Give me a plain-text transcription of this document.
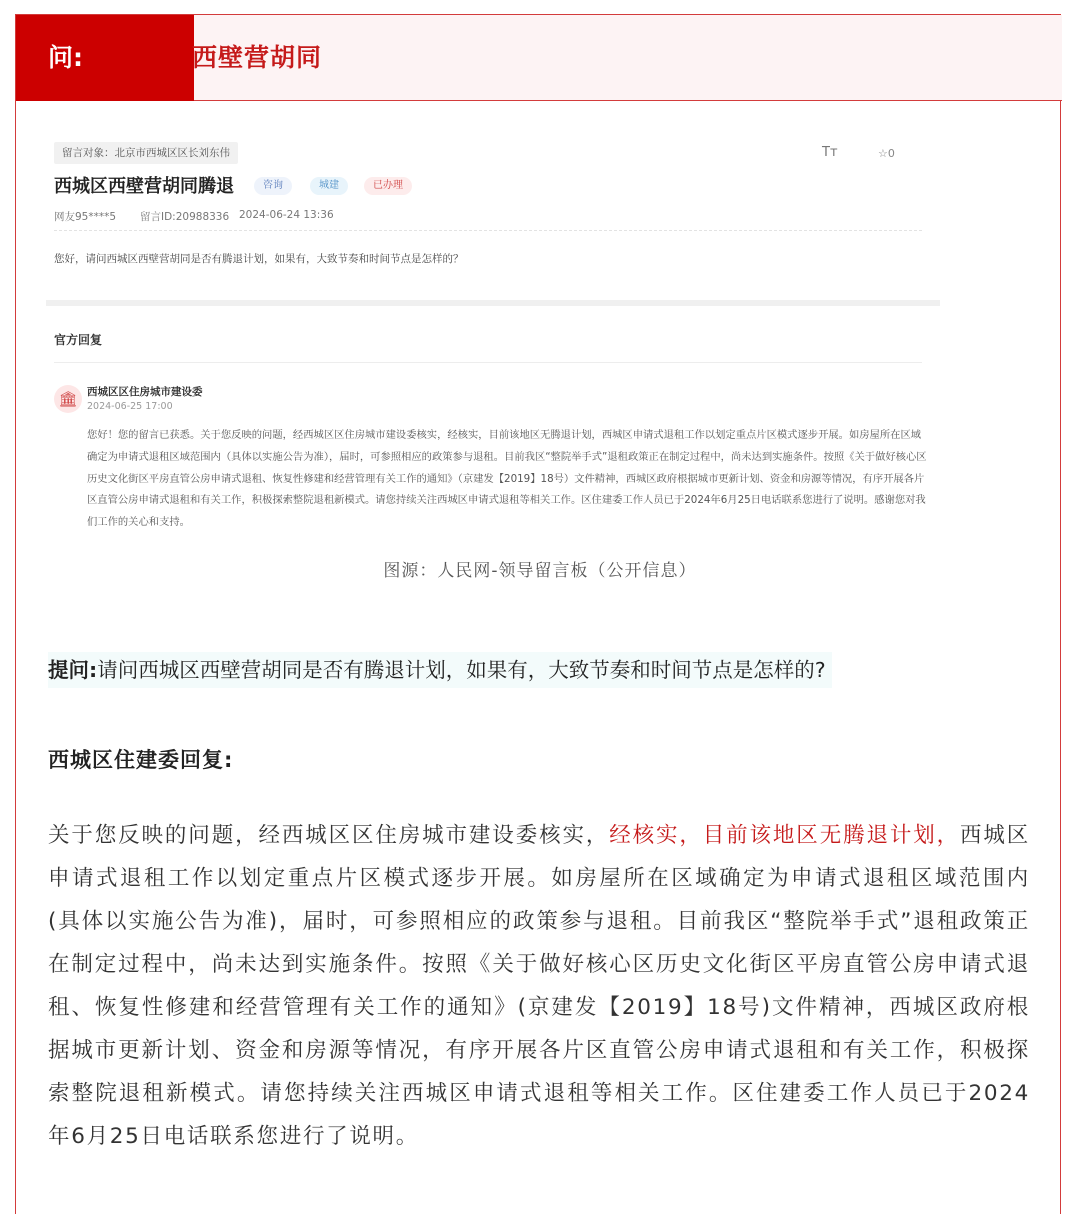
问:	西壁营胡同
留言对象：北京市西城区区长刘东伟	Tт	☆0
西城区西壁营胡同腾退	咨询	城建	已办理
网友95****5 留言ID:20988336 2024-06-24 13:36
您好，请问西城区西壁营胡同是否有腾退计划，如果有，大致节奏和时间节点是怎样的？
官方回复
🏛 西城区区住房城市建设委
2024-06-25 17:00
您好！您的留言已获悉。关于您反映的问题，经西城区区住房城市建设委核实，经核实，目前该地区无腾退计划，西城区申请式退租工作以划定重点片区模式逐步开展。如房屋所在区域确定为申请式退租区域范围内（具体以实施公告为准），届时，可参照相应的政策参与退租。目前我区“整院举手式”退租政策正在制定过程中，尚未达到实施条件。按照《关于做好核心区历史文化街区平房直管公房申请式退租、恢复性修建和经营管理有关工作的通知》（京建发【2019】18号）文件精神，西城区政府根据城市更新计划、资金和房源等情况，有序开展各片区直管公房申请式退租和有关工作，积极探索整院退租新模式。请您持续关注西城区申请式退租等相关工作。区住建委工作人员已于2024年6月25日电话联系您进行了说明。感谢您对我们工作的关心和支持。
图源：人民网-领导留言板（公开信息）
提问:请问西城区西壁营胡同是否有腾退计划，如果有，大致节奏和时间节点是怎样的?
西城区住建委回复:
关于您反映的问题，经西城区区住房城市建设委核实，经核实，目前该地区无腾退计划，西城区申请式退租工作以划定重点片区模式逐步开展。如房屋所在区域确定为申请式退租区域范围内(具体以实施公告为准)，届时，可参照相应的政策参与退租。目前我区“整院举手式”退租政策正在制定过程中，尚未达到实施条件。按照《关于做好核心区历史文化街区平房直管公房申请式退租、恢复性修建和经营管理有关工作的通知》(京建发【2019】18号)文件精神，西城区政府根据城市更新计划、资金和房源等情况，有序开展各片区直管公房申请式退租和有关工作，积极探索整院退租新模式。请您持续关注西城区申请式退租等相关工作。区住建委工作人员已于2024年6月25日电话联系您进行了说明。
